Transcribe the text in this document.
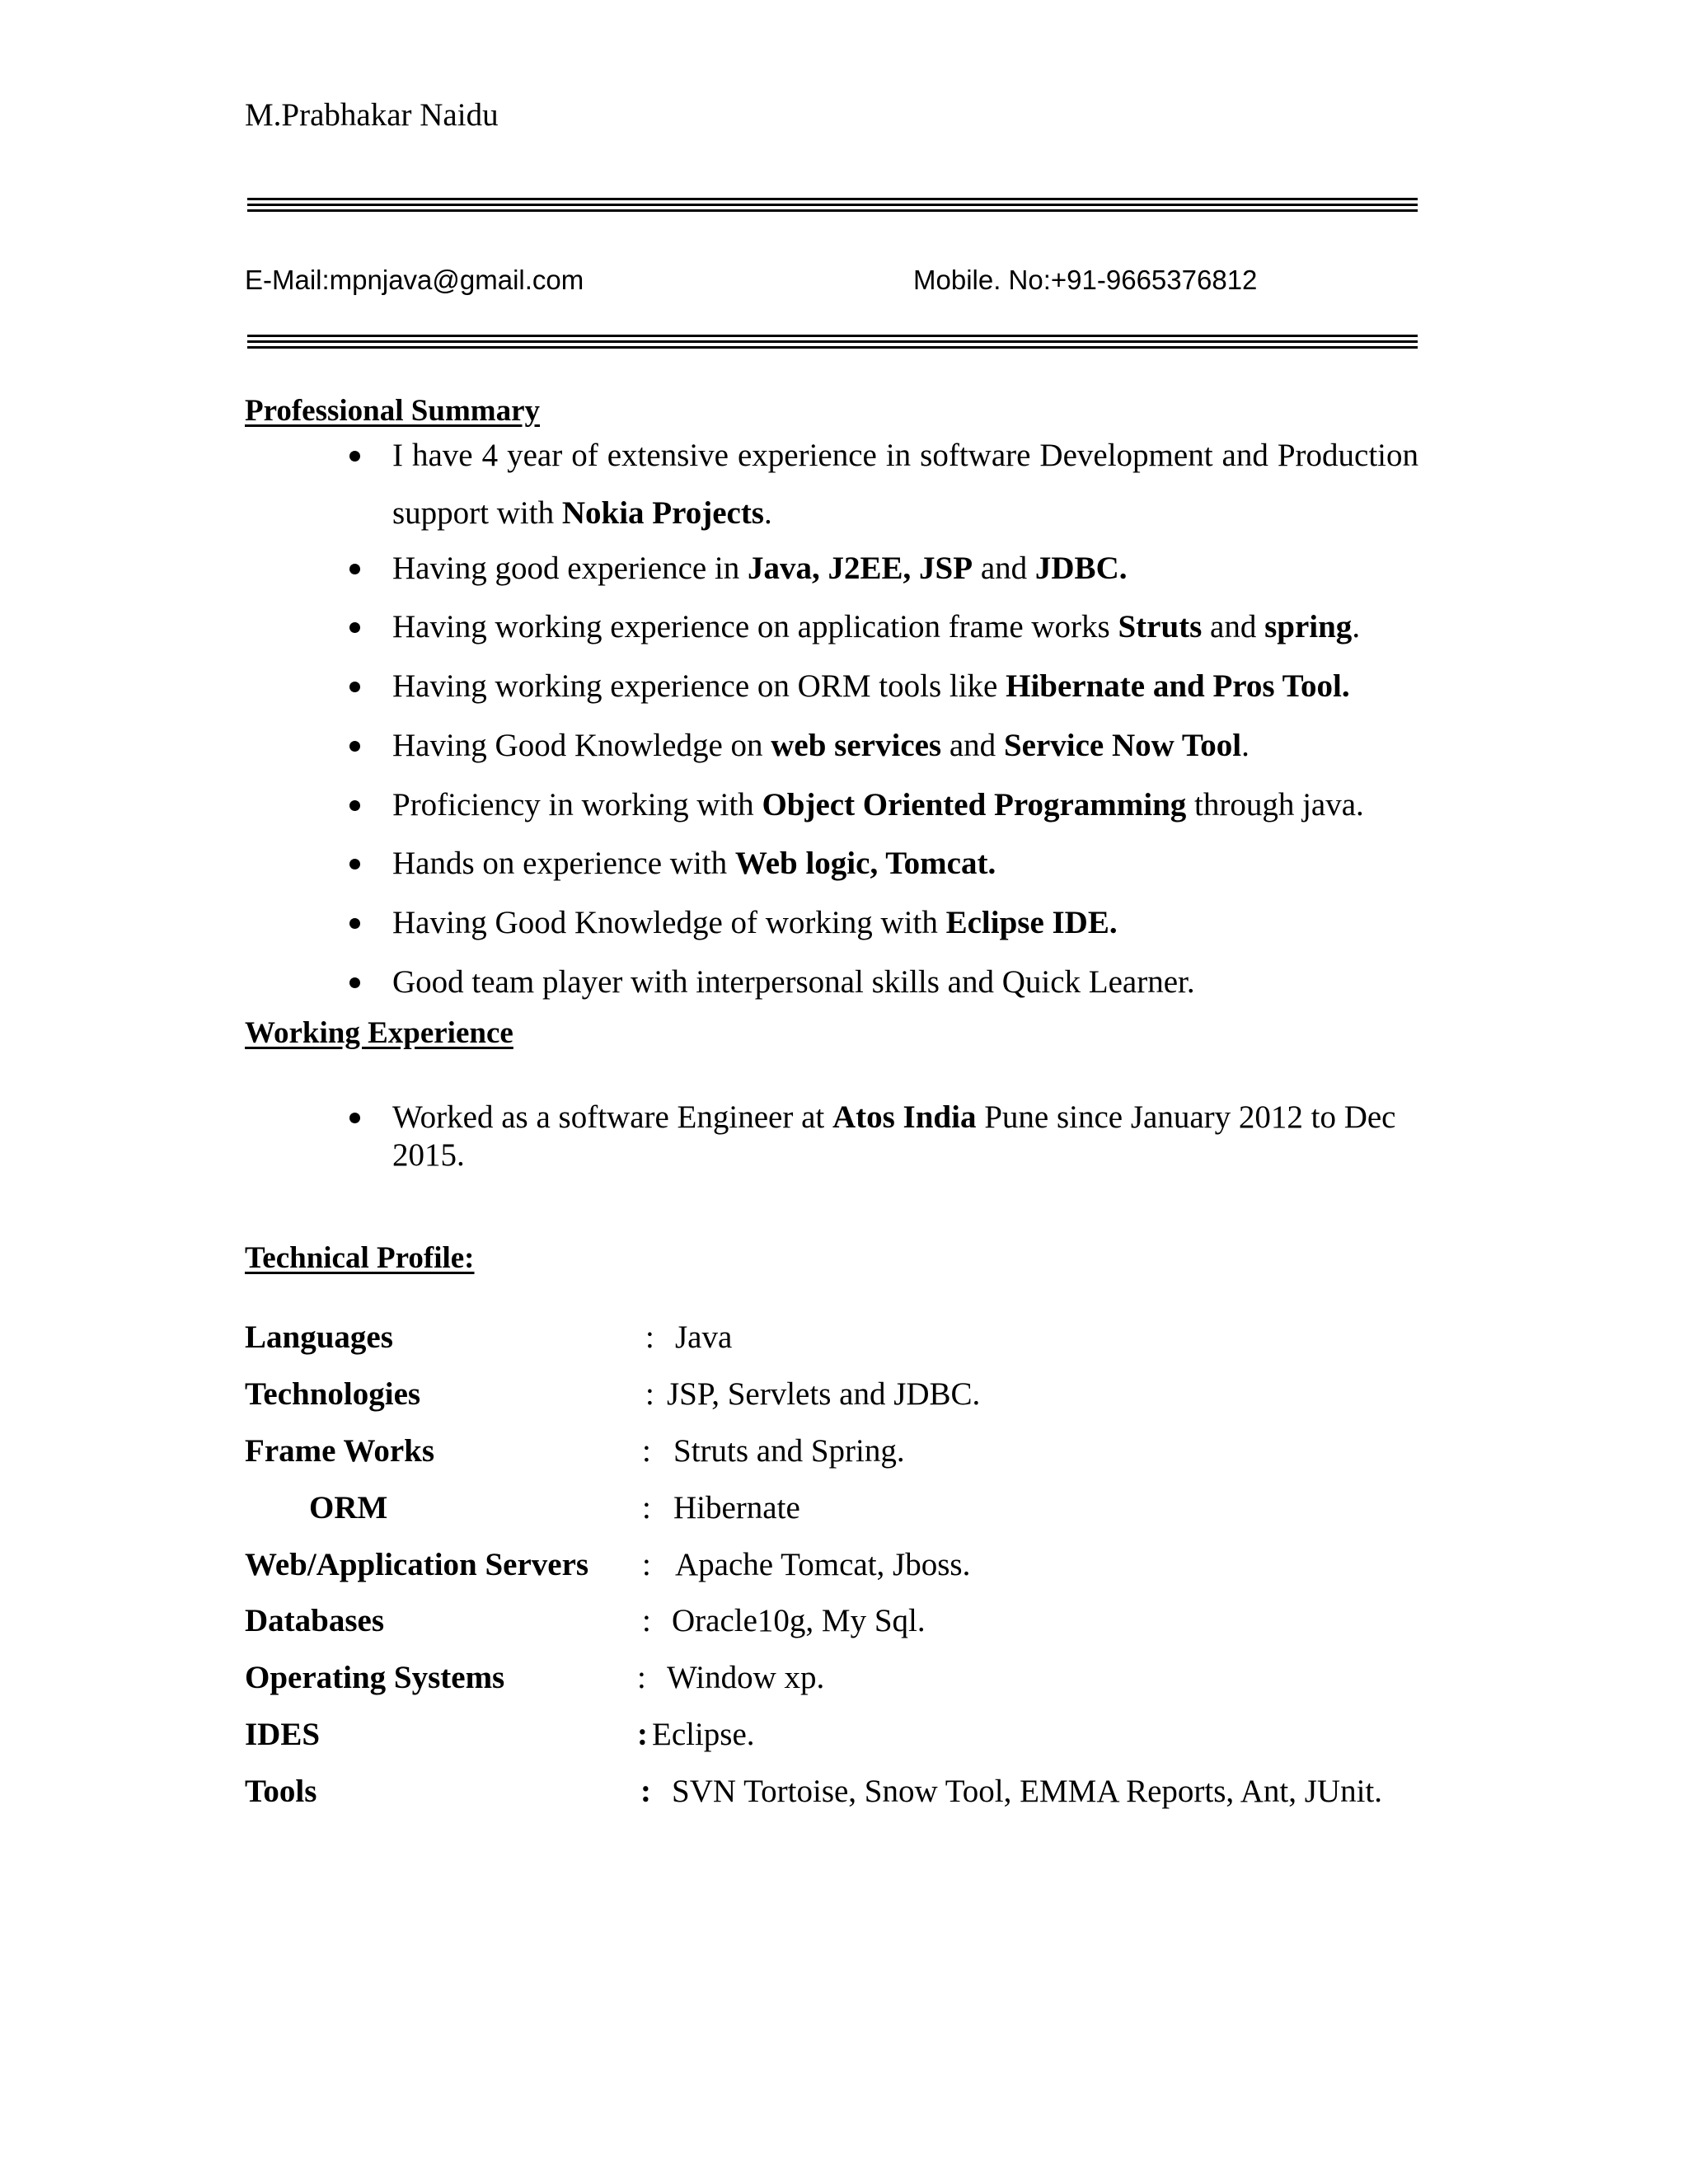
M.Prabhakar Naidu
E-Mail:mpnjava@gmail.com	Mobile. No:+91-9665376812
Professional Summary
I have 4 year of extensive experience in software Development and Production support with Nokia Projects.
Having good experience in Java, J2EE, JSP and JDBC.
Having working experience on application frame works Struts and spring.
Having working experience on ORM tools like Hibernate and Pros Tool.
Having Good Knowledge on web services and Service Now Tool.
Proficiency in working with Object Oriented Programming through java.
Hands on experience with Web logic, Tomcat.
Having Good Knowledge of working with Eclipse IDE.
Good team player with interpersonal skills and Quick Learner.
Working Experience
Worked as a software Engineer at Atos India Pune since January 2012 to Dec 2015.
Technical Profile:
Languages	: Java
Technologies	: JSP, Servlets and JDBC.
Frame Works	: Struts and Spring.
ORM	: Hibernate
Web/Application Servers : Apache Tomcat, Jboss.
Databases	: Oracle10g, My Sql.
Operating Systems	: Window xp.
IDES	: Eclipse.
Tools	: SVN Tortoise, Snow Tool, EMMA Reports, Ant, JUnit.
